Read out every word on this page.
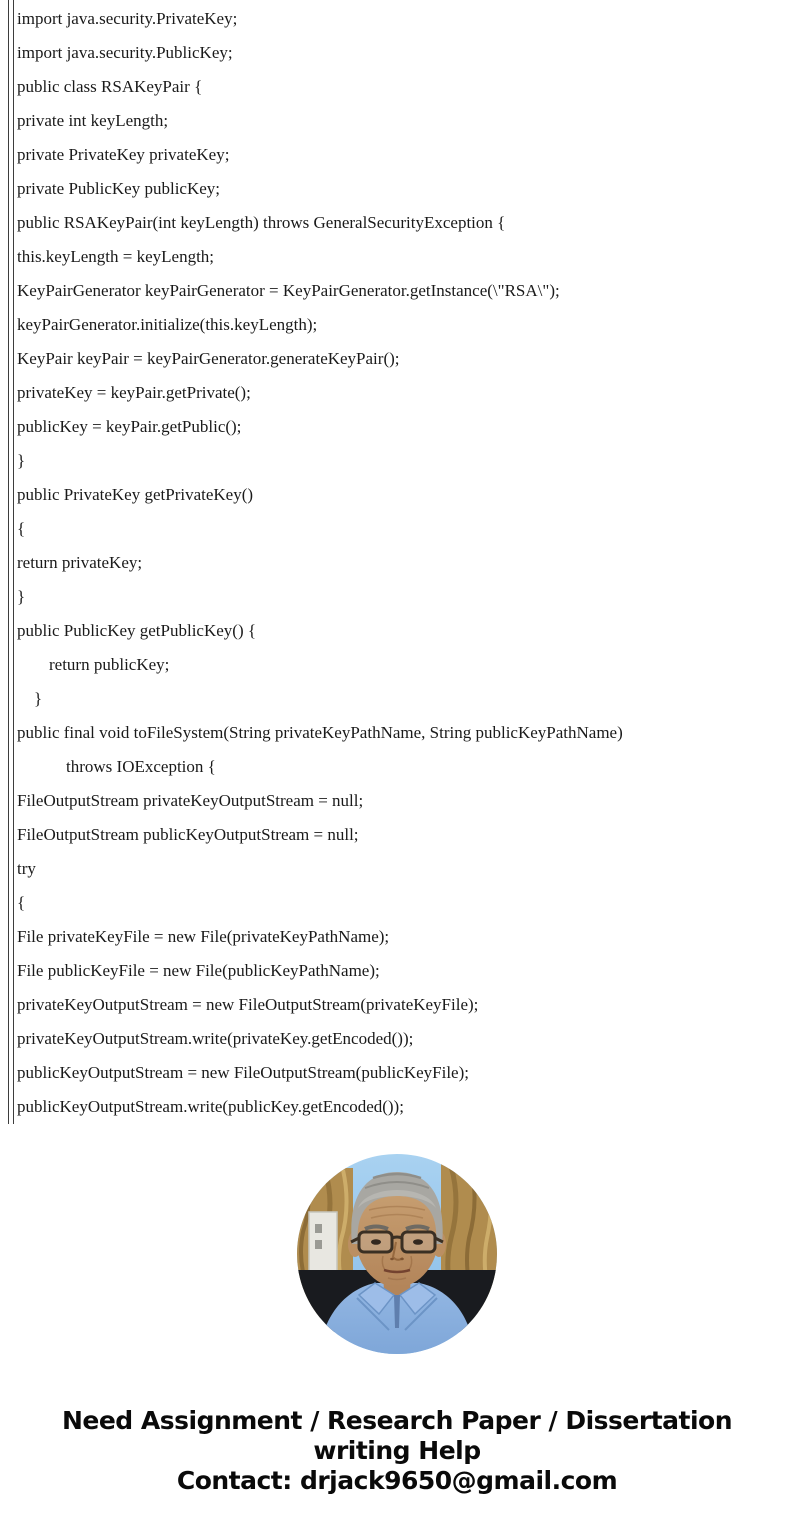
import java.security.PrivateKey;

import java.security.PublicKey;

public class RSAKeyPair {

private int keyLength;

private PrivateKey privateKey;

private PublicKey publicKey;

public RSAKeyPair(int keyLength) throws GeneralSecurityException {

this.keyLength = keyLength;

KeyPairGenerator keyPairGenerator = KeyPairGenerator.getInstance(\"RSA\");

keyPairGenerator.initialize(this.keyLength);

KeyPair keyPair = keyPairGenerator.generateKeyPair();

privateKey = keyPair.getPrivate();

publicKey = keyPair.getPublic();

}

public PrivateKey getPrivateKey()

{

return privateKey;

}

public PublicKey getPublicKey() {

return publicKey;

}

public final void toFileSystem(String privateKeyPathName, String publicKeyPathName)

throws IOException {

FileOutputStream privateKeyOutputStream = null;

FileOutputStream publicKeyOutputStream = null;

try

{

File privateKeyFile = new File(privateKeyPathName);

File publicKeyFile = new File(publicKeyPathName);

privateKeyOutputStream = new FileOutputStream(privateKeyFile);

privateKeyOutputStream.write(privateKey.getEncoded());

publicKeyOutputStream = new FileOutputStream(publicKeyFile);

publicKeyOutputStream.write(publicKey.getEncoded());

Need Assignment / Research Paper / Dissertation
writing Help
Contact: drjack9650@gmail.com
